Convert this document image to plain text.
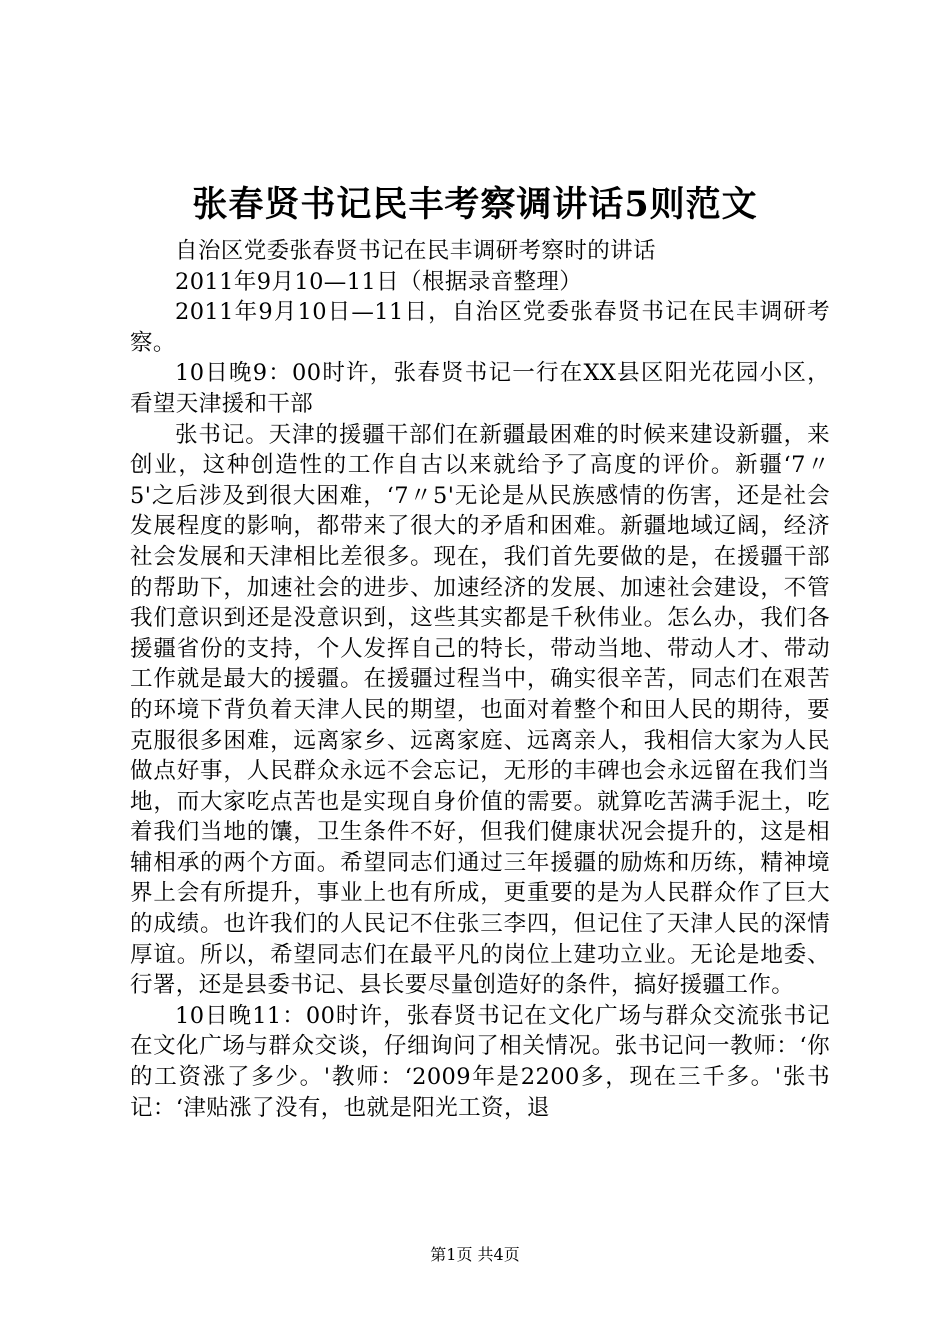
张春贤书记民丰考察调讲话5则范文

自治区党委张春贤书记在民丰调研考察时的讲话

2011年9月10—11日（根据录音整理）

2011年9月10日—11日，自治区党委张春贤书记在民丰调研考察。

10日晚9：00时许，张春贤书记一行在XX县区阳光花园小区，看望天津援和干部

张书记。天津的援疆干部们在新疆最困难的时候来建设新疆，来创业，这种创造性的工作自古以来就给予了高度的评价。新疆‘7〃5'之后涉及到很大困难，‘7〃5'无论是从民族感情的伤害，还是社会发展程度的影响，都带来了很大的矛盾和困难。新疆地域辽阔，经济社会发展和天津相比差很多。现在，我们首先要做的是，在援疆干部的帮助下，加速社会的进步、加速经济的发展、加速社会建设，不管我们意识到还是没意识到，这些其实都是千秋伟业。怎么办，我们各援疆省份的支持，个人发挥自己的特长，带动当地、带动人才、带动工作就是最大的援疆。在援疆过程当中，确实很辛苦，同志们在艰苦的环境下背负着天津人民的期望，也面对着整个和田人民的期待，要克服很多困难，远离家乡、远离家庭、远离亲人，我相信大家为人民做点好事，人民群众永远不会忘记，无形的丰碑也会永远留在我们当地，而大家吃点苦也是实现自身价值的需要。就算吃苦满手泥土，吃着我们当地的馕，卫生条件不好，但我们健康状况会提升的，这是相辅相承的两个方面。希望同志们通过三年援疆的励炼和历练，精神境界上会有所提升，事业上也有所成，更重要的是为人民群众作了巨大的成绩。也许我们的人民记不住张三李四，但记住了天津人民的深情厚谊。所以，希望同志们在最平凡的岗位上建功立业。无论是地委、行署，还是县委书记、县长要尽量创造好的条件，搞好援疆工作。

10日晚11：00时许，张春贤书记在文化广场与群众交流张书记在文化广场与群众交谈，仔细询问了相关情况。张书记问一教师：‘你的工资涨了多少。'教师：‘2009年是2200多，现在三千多。'张书记：‘津贴涨了没有，也就是阳光工资，退

第1页 共4页
